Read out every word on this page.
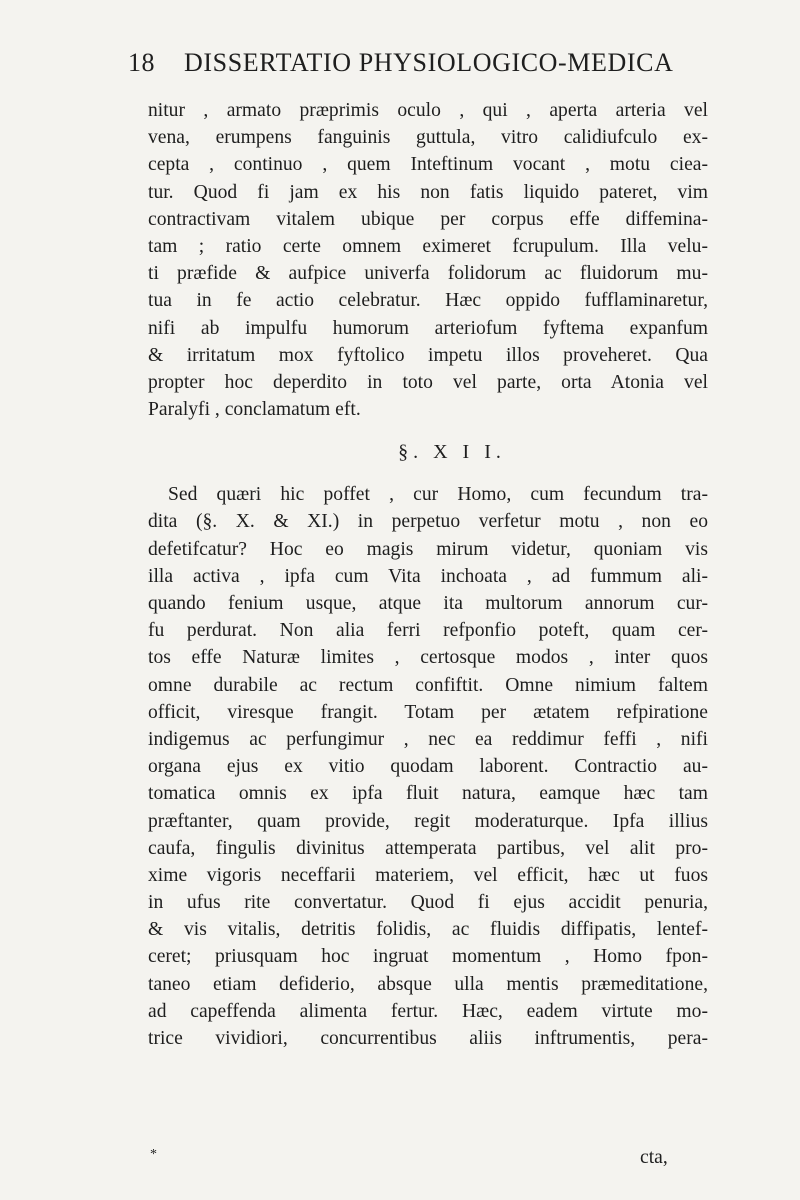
18 DISSERTATIO PHYSIOLOGICO-MEDICA
nitur , armato præprimis oculo , qui , aperta arteria vel
vena, erumpens fanguinis guttula, vitro calidiufculo ex-
cepta , continuo , quem Inteftinum vocant , motu ciea-
tur. Quod fi jam ex his non fatis liquido pateret, vim
contractivam vitalem ubique per corpus effe diffemina-
tam ; ratio certe omnem eximeret fcrupulum. Illa velu-
ti præfide & aufpice univerfa folidorum ac fluidorum mu-
tua in fe actio celebratur. Hæc oppido fufflaminaretur,
nifi ab impulfu humorum arteriofum fyftema expanfum
& irritatum mox fyftolico impetu illos proveheret. Qua
propter hoc deperdito in toto vel parte, orta Atonia vel
Paralyfi , conclamatum eft.
§. X I I.
Sed quæri hic poffet , cur Homo, cum fecundum tra-
dita (§. X. & XI.) in perpetuo verfetur motu , non eo
defetifcatur? Hoc eo magis mirum videtur, quoniam vis
illa activa , ipfa cum Vita inchoata , ad fummum ali-
quando fenium usque, atque ita multorum annorum cur-
fu perdurat. Non alia ferri refponfio poteft, quam cer-
tos effe Naturæ limites , certosque modos , inter quos
omne durabile ac rectum confiftit. Omne nimium faltem
officit, viresque frangit. Totam per ætatem refpiratione
indigemus ac perfungimur , nec ea reddimur feffi , nifi
organa ejus ex vitio quodam laborent. Contractio au-
tomatica omnis ex ipfa fluit natura, eamque hæc tam
præftanter, quam provide, regit moderaturque. Ipfa illius
caufa, fingulis divinitus attemperata partibus, vel alit pro-
xime vigoris neceffarii materiem, vel efficit, hæc ut fuos
in ufus rite convertatur. Quod fi ejus accidit penuria,
& vis vitalis, detritis folidis, ac fluidis diffipatis, lentef-
ceret; priusquam hoc ingruat momentum , Homo fpon-
taneo etiam defiderio, absque ulla mentis præmeditatione,
ad capeffenda alimenta fertur. Hæc, eadem virtute mo-
trice vividiori, concurrentibus aliis inftrumentis, pera-
*	cta,
